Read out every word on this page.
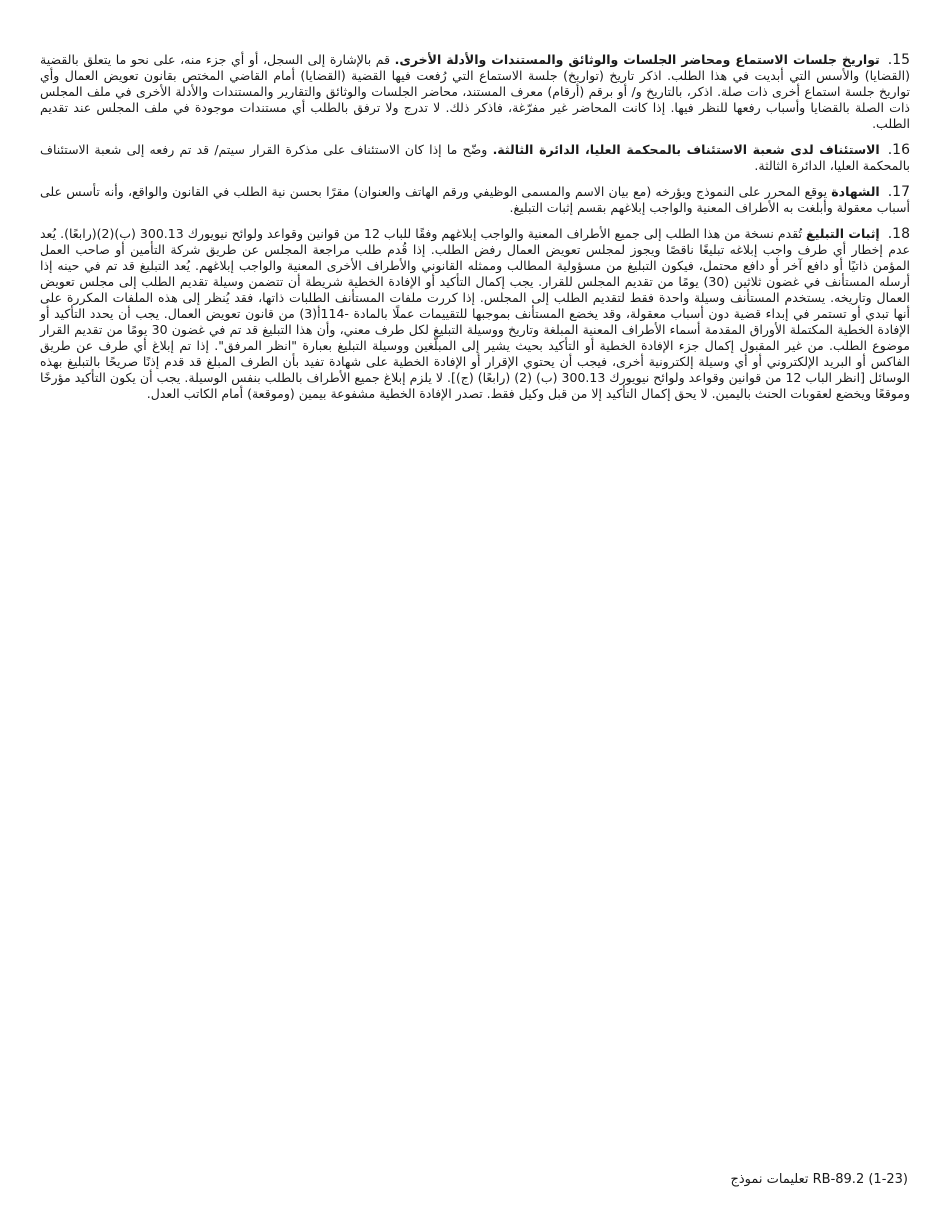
15.تواريخ جلسات الاستماع ومحاضر الجلسات والوثائق والمستندات والأدلة الأخرى. قم بالإشارة إلى السجل، أو أي جزء منه، على نحو ما يتعلق بالقضية (القضايا) والأسس التي أبديت في هذا الطلب. اذكر تاريخ (تواريخ) جلسة الاستماع التي رُفعت فيها القضية (القضايا) أمام القاضي المختص بقانون تعويض العمال وأي تواريخ جلسة استماع أخرى ذات صلة. اذكر، بالتاريخ و/ أو برقم (أرقام) معرف المستند، محاضر الجلسات والوثائق والتقارير والمستندات والأدلة الأخرى في ملف المجلس ذات الصلة بالقضايا وأسباب رفعها للنظر فيها. إذا كانت المحاضر غير مفرّغة، فاذكر ذلك. لا تدرج ولا ترفق بالطلب أي مستندات موجودة في ملف المجلس عند تقديم الطلب.

16.الاستئناف لدى شعبة الاستئناف بالمحكمة العليا، الدائرة الثالثة. وضّح ما إذا كان الاستئناف على مذكرة القرار سيتم/ قد تم رفعه إلى شعبة الاستئناف بالمحكمة العليا، الدائرة الثالثة.

17.الشهادة يوقع المحرر على النموذج ويؤرخه (مع بيان الاسم والمسمى الوظيفي ورقم الهاتف والعنوان) مقرًا بحسن نية الطلب في القانون والواقع، وأنه تأسس على أسباب معقولة وأبلغت به الأطراف المعنية والواجب إبلاغهم بقسم إثبات التبليغ.

18.إثبات التبليغ تُقدم نسخة من هذا الطلب إلى جميع الأطراف المعنية والواجب إبلاغهم وفقًا للباب 12 من قوانين وقواعد ولوائح نيويورك 300.13 (ب)(2)(رابعًا). يُعد عدم إخطار أي طرف واجب إبلاغه تبليغًا ناقصًا ويجوز لمجلس تعويض العمال رفض الطلب. إذا قُدم طلب مراجعة المجلس عن طريق شركة التأمين أو صاحب العمل المؤمن ذاتيًا أو دافع آخر أو دافع محتمل، فيكون التبليغ من مسؤولية المطالب وممثله القانوني والأطراف الأخرى المعنية والواجب إبلاغهم. يُعد التبليغ قد تم في حينه إذا أرسله المستأنف في غضون ثلاثين (30) يومًا من تقديم المجلس للقرار. يجب إكمال التأكيد أو الإفادة الخطية شريطة أن تتضمن وسيلة تقديم الطلب إلى مجلس تعويض العمال وتاريخه. يستخدم المستأنف وسيلة واحدة فقط لتقديم الطلب إلى المجلس. إذا كررت ملفات المستأنف الطلبات ذاتها، فقد يُنظر إلى هذه الملفات المكررة على أنها تبدي أو تستمر في إبداء قضية دون أسباب معقولة، وقد يخضع المستأنف بموجبها للتقييمات عملًا بالمادة -114أ(3) من قانون تعويض العمال. يجب أن يحدد التأكيد أو الإفادة الخطية المكتملة الأوراق المقدمة أسماء الأطراف المعنية المبلغة وتاريخ ووسيلة التبليغ لكل طرف معني، وأن هذا التبليغ قد تم في غضون 30 يومًا من تقديم القرار موضوع الطلب. من غير المقبول إكمال جزء الإفادة الخطية أو التأكيد بحيث يشير إلى المبلّغين ووسيلة التبليغ بعبارة "انظر المرفق". إذا تم إبلاغ أي طرف عن طريق الفاكس أو البريد الإلكتروني أو أي وسيلة إلكترونية أخرى، فيجب أن يحتوي الإقرار أو الإفادة الخطية على شهادة تفيد بأن الطرف المبلغ قد قدم إذنًا صريحًا بالتبليغ بهذه الوسائل [انظر الباب 12 من قوانين وقواعد ولوائح نيويورك 300.13 (ب) (2) (رابعًا) (ج)]. لا يلزم إبلاغ جميع الأطراف بالطلب بنفس الوسيلة. يجب أن يكون التأكيد مؤرخًا وموقعًا ويخضع لعقوبات الحنث باليمين. لا يحق إكمال التأكيد إلا من قبل وكيل فقط. تصدر الإفادة الخطية مشفوعة بيمين (وموقعة) أمام الكاتب العدل.

RB-89.2 (1-23) تعليمات نموذج
